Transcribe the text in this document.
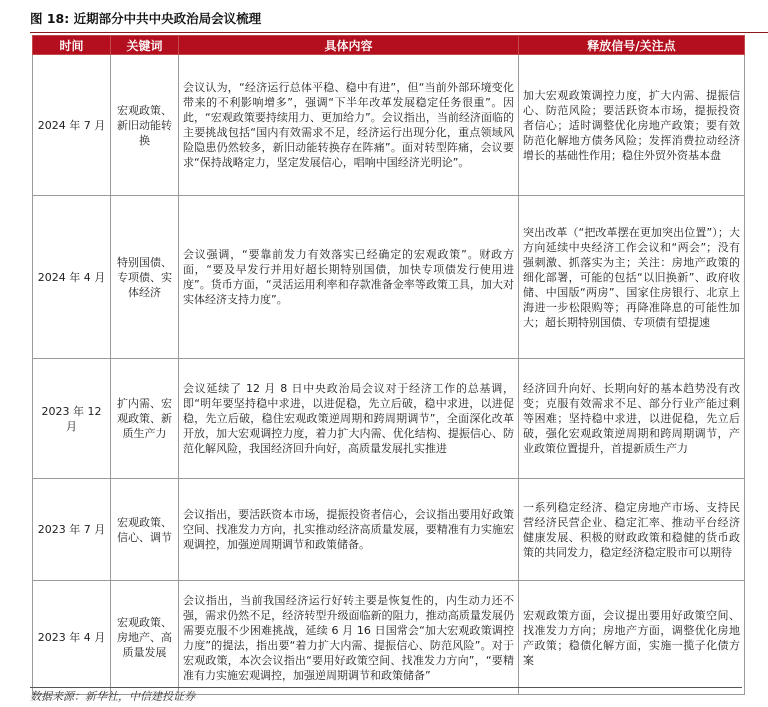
图 18: 近期部分中共中央政治局会议梳理
时间	关键词	具体内容	释放信号/关注点
2024 年 7 月	宏观政策、新旧动能转换	会议认为，“经济运行总体平稳、稳中有进”，但“当前外部环境变化带来的不利影响增多”，强调“下半年改革发展稳定任务很重”。因此，“宏观政策要持续用力、更加给力”。会议指出，当前经济面临的主要挑战包括“国内有效需求不足，经济运行出现分化，重点领域风险隐患仍然较多，新旧动能转换存在阵痛”。面对转型阵痛，会议要求“保持战略定力，坚定发展信心，唱响中国经济光明论”。	加大宏观政策调控力度，扩大内需、提振信心、防范风险；要活跃资本市场，提振投资者信心；适时调整优化房地产政策；要有效防范化解地方债务风险；发挥消费拉动经济增长的基础性作用；稳住外贸外资基本盘
2024 年 4 月	特别国债、专项债、实体经济	会议强调，“要靠前发力有效落实已经确定的宏观政策”。财政方面，“要及早发行并用好超长期特别国债，加快专项债发行使用进度”。货币方面，“灵活运用利率和存款准备金率等政策工具，加大对实体经济支持力度”。	突出改革（“把改革摆在更加突出位置”）；大方向延续中央经济工作会议和“两会”；没有强刺激、抓落实为主；关注：房地产政策的细化部署，可能的包括“以旧换新”、政府收储、中国版“两房”、国家住房银行、北京上海进一步松限购等；再降准降息的可能性加大；超长期特别国债、专项债有望提速
2023 年 12 月	扩内需、宏观政策、新质生产力	会议延续了 12 月 8 日中央政治局会议对于经济工作的总基调，即“明年要坚持稳中求进，以进促稳，先立后破，稳中求进，以进促稳，先立后破，稳住宏观政策逆周期和跨周期调节”，全面深化改革开放，加大宏观调控力度，着力扩大内需、优化结构、提振信心、防范化解风险，我国经济回升向好，高质量发展扎实推进	经济回升向好、长期向好的基本趋势没有改变；克服有效需求不足、部分行业产能过剩等困难；坚持稳中求进，以进促稳，先立后破，强化宏观政策逆周期和跨周期调节，产业政策位置提升，首提新质生产力
2023 年 7 月	宏观政策、信心、调节	会议指出，要活跃资本市场，提振投资者信心，会议指出要用好政策空间、找准发力方向，扎实推动经济高质量发展，要精准有力实施宏观调控，加强逆周期调节和政策储备。	一系列稳定经济、稳定房地产市场、支持民营经济民营企业、稳定汇率、推动平台经济健康发展、积极的财政政策和稳健的货币政策的共同发力，稳定经济稳定股市可以期待
2023 年 4 月	宏观政策、房地产、高质量发展	会议指出，当前我国经济运行好转主要是恢复性的，内生动力还不强，需求仍然不足，经济转型升级面临新的阻力，推动高质量发展仍需要克服不少困难挑战，延续 6 月 16 日国常会“加大宏观政策调控力度”的提法，指出要“着力扩大内需、提振信心、防范风险”。对于宏观政策，本次会议指出“要用好政策空间、找准发力方向”，“要精准有力实施宏观调控，加强逆周期调节和政策储备”	宏观政策方面，会议提出要用好政策空间、找准发力方向；房地产方面，调整优化房地产政策；稳债化解方面，实施一揽子化债方案
数据来源：新华社，中信建投证券
